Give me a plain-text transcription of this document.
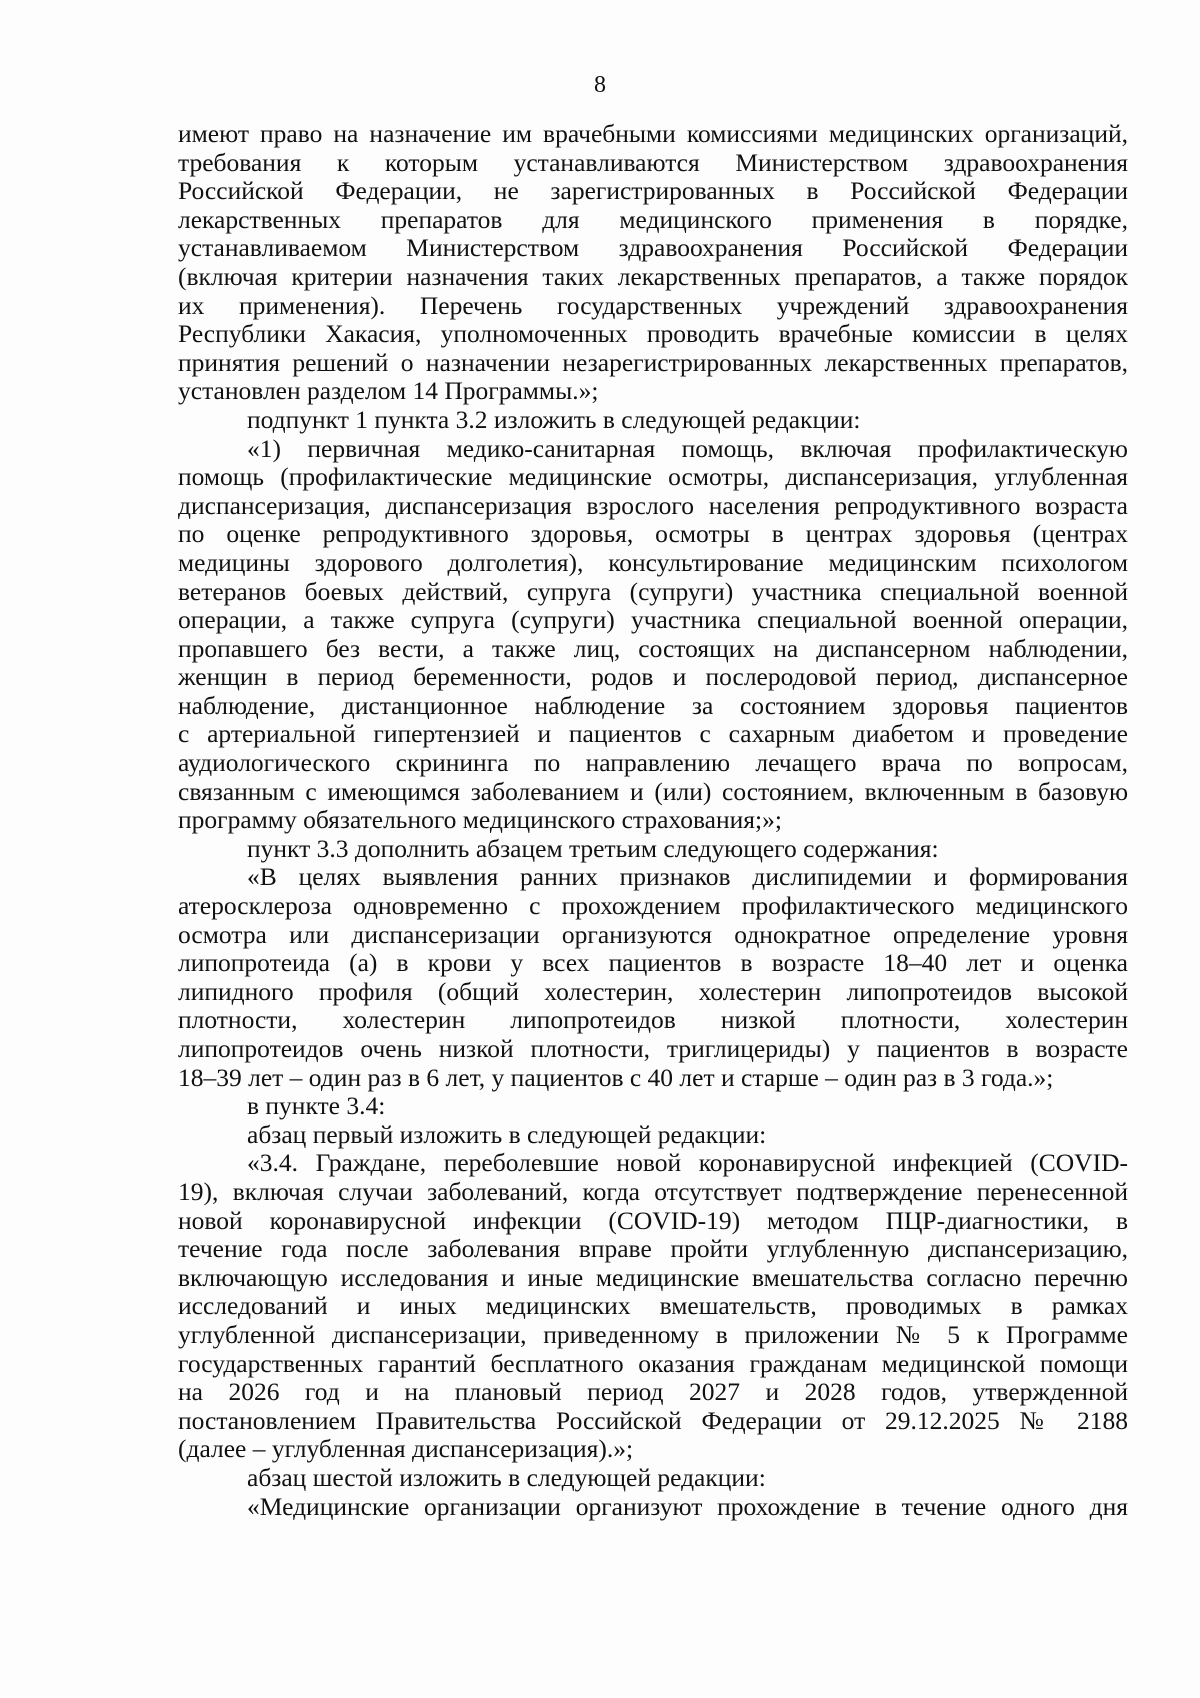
8

имеют право на назначение им врачебными комиссиями медицинских организаций,

требования к которым устанавливаются Министерством здравоохранения

Российской Федерации, не зарегистрированных в Российской Федерации

лекарственных препаратов для медицинского применения в порядке,

устанавливаемом Министерством здравоохранения Российской Федерации

(включая критерии назначения таких лекарственных препаратов, а также порядок

их применения). Перечень государственных учреждений здравоохранения

Республики Хакасия, уполномоченных проводить врачебные комиссии в целях

принятия решений о назначении незарегистрированных лекарственных препаратов,

установлен разделом 14 Программы.»;

подпункт 1 пункта 3.2 изложить в следующей редакции:

«1) первичная медико-санитарная помощь, включая профилактическую

помощь (профилактические медицинские осмотры, диспансеризация, углубленная

диспансеризация, диспансеризация взрослого населения репродуктивного возраста

по оценке репродуктивного здоровья, осмотры в центрах здоровья (центрах

медицины здорового долголетия), консультирование медицинским психологом

ветеранов боевых действий, супруга (супруги) участника специальной военной

операции, а также супруга (супруги) участника специальной военной операции,

пропавшего без вести, а также лиц, состоящих на диспансерном наблюдении,

женщин в период беременности, родов и послеродовой период, диспансерное

наблюдение, дистанционное наблюдение за состоянием здоровья пациентов

с артериальной гипертензией и пациентов с сахарным диабетом и проведение

аудиологического скрининга по направлению лечащего врача по вопросам,

связанным с имеющимся заболеванием и (или) состоянием, включенным в базовую

программу обязательного медицинского страхования;»;

пункт 3.3 дополнить абзацем третьим следующего содержания:

«В целях выявления ранних признаков дислипидемии и формирования

атеросклероза одновременно с прохождением профилактического медицинского

осмотра или диспансеризации организуются однократное определение уровня

липопротеида (а) в крови у всех пациентов в возрасте 18–40 лет и оценка

липидного профиля (общий холестерин, холестерин липопротеидов высокой

плотности, холестерин липопротеидов низкой плотности, холестерин

липопротеидов очень низкой плотности, триглицериды) у пациентов в возрасте

18–39 лет – один раз в 6 лет, у пациентов с 40 лет и старше – один раз в 3 года.»;

в пункте 3.4:

абзац первый изложить в следующей редакции:

«3.4. Граждане, переболевшие новой коронавирусной инфекцией (COVID-

19), включая случаи заболеваний, когда отсутствует подтверждение перенесенной

новой коронавирусной инфекции (COVID-19) методом ПЦР-диагностики, в

течение года после заболевания вправе пройти углубленную диспансеризацию,

включающую исследования и иные медицинские вмешательства согласно перечню

исследований и иных медицинских вмешательств, проводимых в рамках

углубленной диспансеризации, приведенному в приложении № 5 к Программе

государственных гарантий бесплатного оказания гражданам медицинской помощи

на 2026 год и на плановый период 2027 и 2028 годов, утвержденной

постановлением Правительства Российской Федерации от 29.12.2025 № 2188

(далее – углубленная диспансеризация).»;

абзац шестой изложить в следующей редакции:

«Медицинские организации организуют прохождение в течение одного дня
